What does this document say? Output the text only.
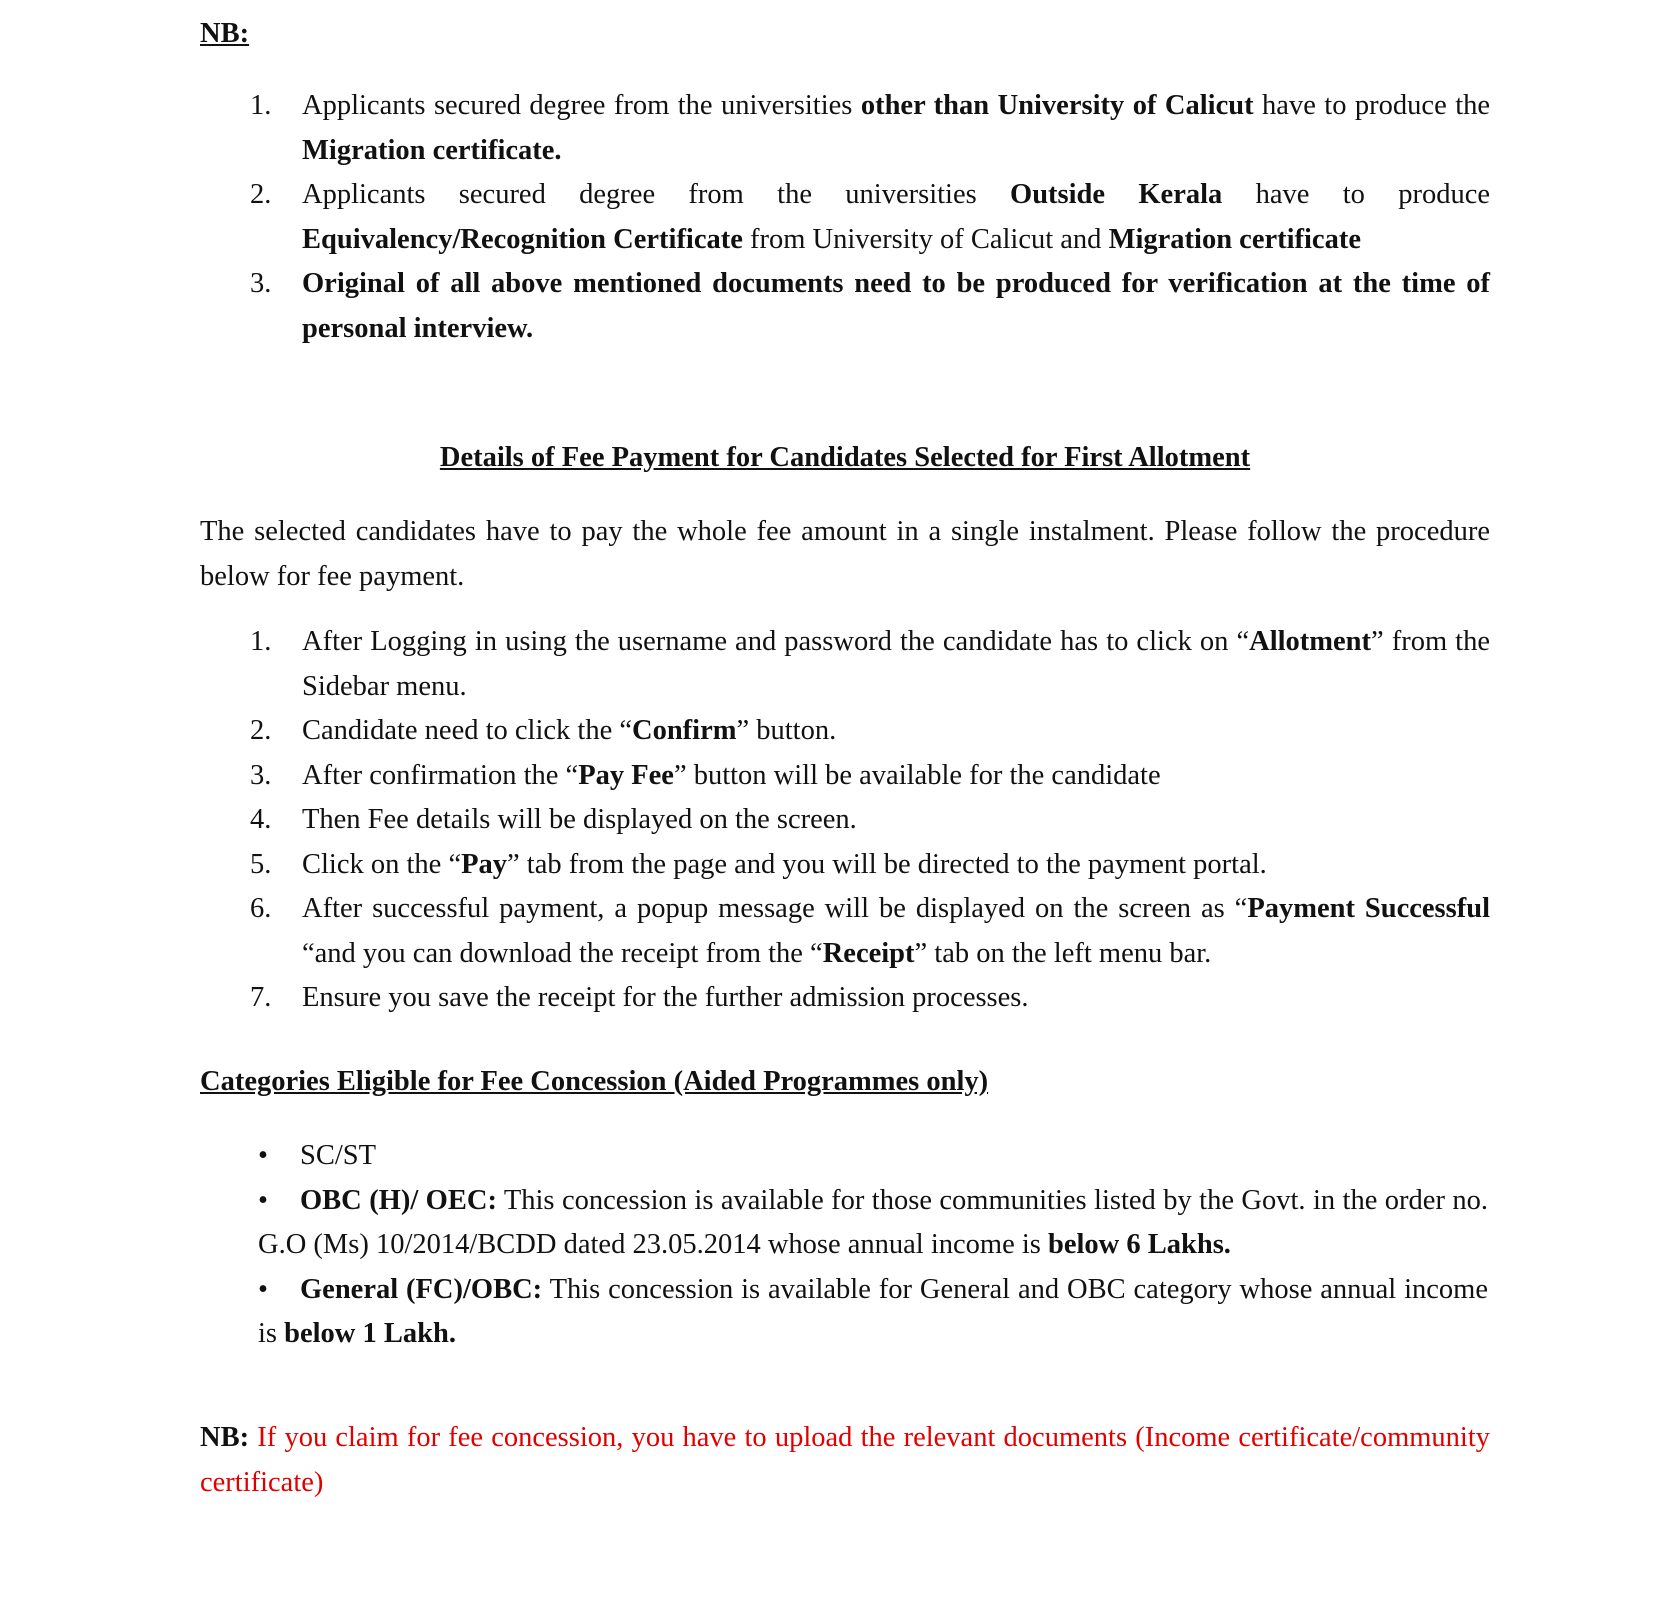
NB:
1. Applicants secured degree from the universities other than University of Calicut have to produce the Migration certificate.
2. Applicants secured degree from the universities Outside Kerala have to produce Equivalency/Recognition Certificate from University of Calicut and Migration certificate
3. Original of all above mentioned documents need to be produced for verification at the time of personal interview.
Details of Fee Payment for Candidates Selected for First Allotment
The selected candidates have to pay the whole fee amount in a single instalment. Please follow the procedure below for fee payment.
1. After Logging in using the username and password the candidate has to click on “Allotment” from the Sidebar menu.
2. Candidate need to click the “Confirm” button.
3. After confirmation the “Pay Fee” button will be available for the candidate
4. Then Fee details will be displayed on the screen.
5. Click on the “Pay” tab from the page and you will be directed to the payment portal.
6. After successful payment, a popup message will be displayed on the screen as “Payment Successful “and you can download the receipt from the “Receipt” tab on the left menu bar.
7. Ensure you save the receipt for the further admission processes.
Categories Eligible for Fee Concession (Aided Programmes only)
• SC/ST
• OBC (H)/ OEC: This concession is available for those communities listed by the Govt. in the order no. G.O (Ms) 10/2014/BCDD dated 23.05.2014 whose annual income is below 6 Lakhs.
• General (FC)/OBC: This concession is available for General and OBC category whose annual income is below 1 Lakh.
NB: If you claim for fee concession, you have to upload the relevant documents (Income certificate/community certificate)
